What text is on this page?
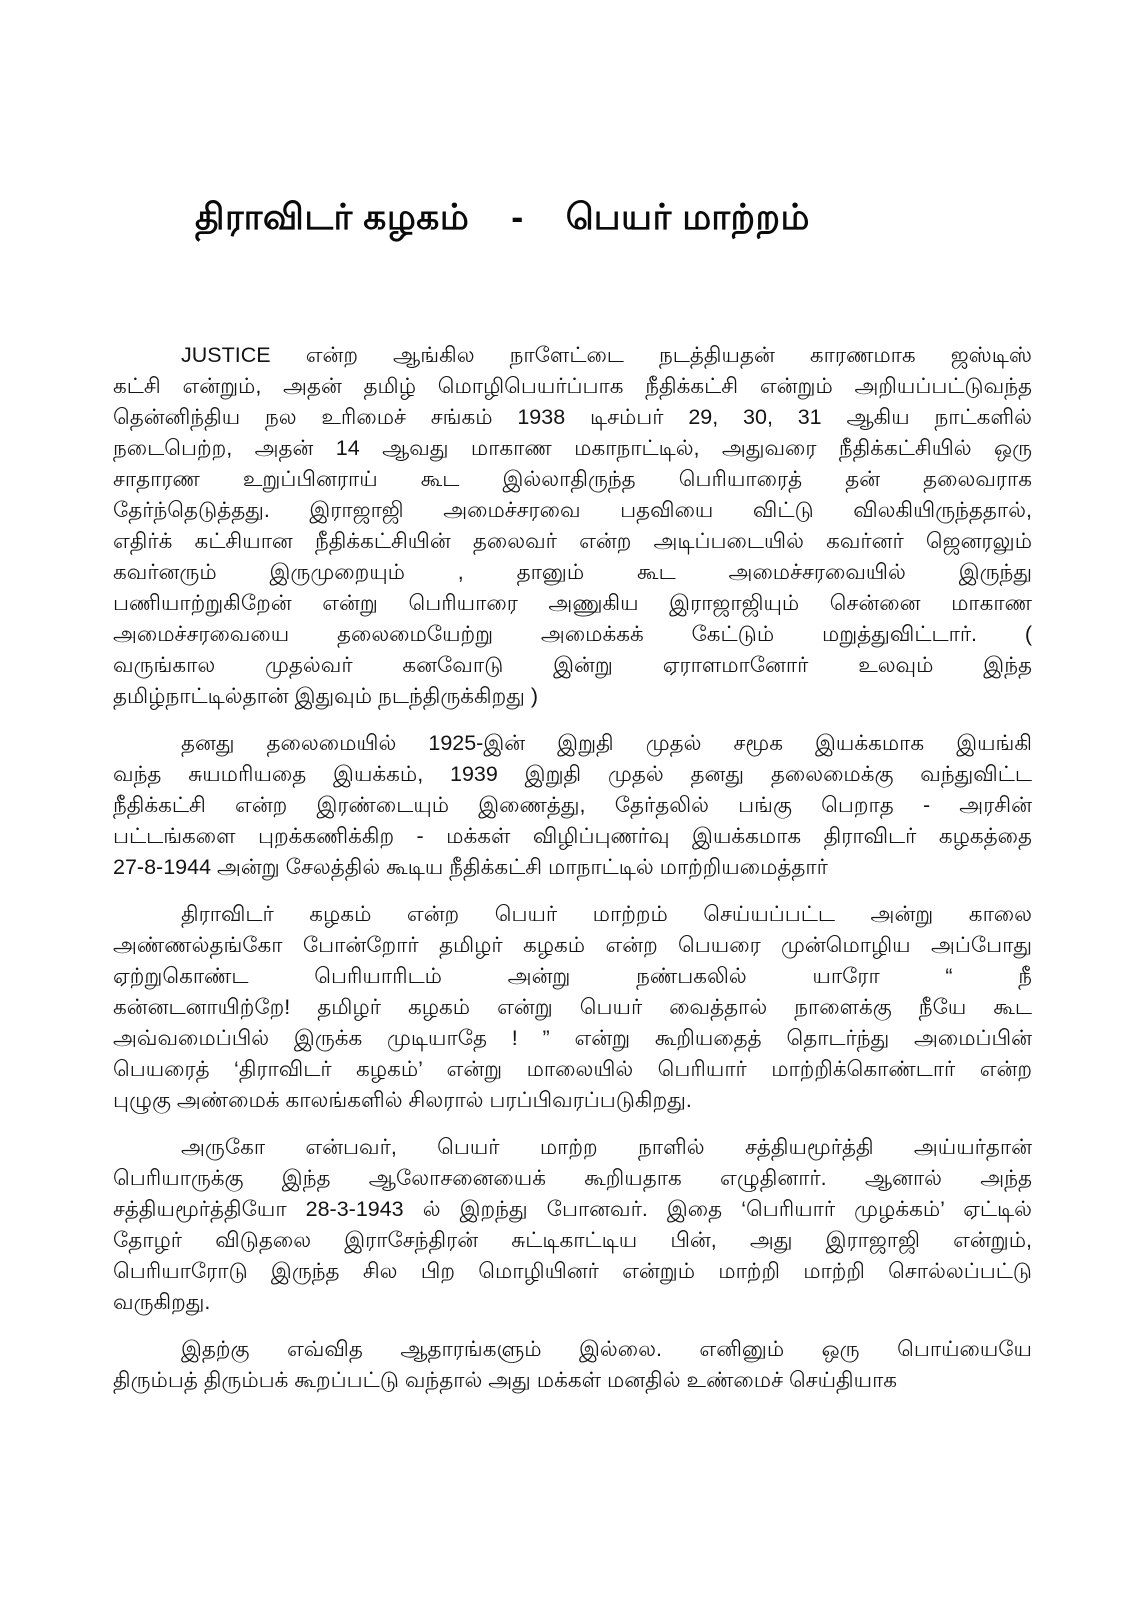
திராவிடர் கழகம்    -    பெயர் மாற்றம்

JUSTICE என்ற ஆங்கில நாளேட்டை நடத்தியதன் காரணமாக ஜஸ்டிஸ்
கட்சி என்றும், அதன் தமிழ் மொழிபெயர்ப்பாக நீதிக்கட்சி என்றும் அறியப்பட்டுவந்த
தென்னிந்திய நல உரிமைச் சங்கம் 1938 டிசம்பர் 29, 30, 31 ஆகிய நாட்களில்
நடைபெற்ற, அதன் 14 ஆவது மாகாண மகாநாட்டில், அதுவரை நீதிக்கட்சியில் ஒரு
சாதாரண உறுப்பினராய் கூட இல்லாதிருந்த பெரியாரைத் தன் தலைவராக
தேர்ந்தெடுத்தது. இராஜாஜி அமைச்சரவை பதவியை விட்டு விலகியிருந்ததால்,
எதிர்க் கட்சியான நீதிக்கட்சியின் தலைவர் என்ற அடிப்படையில் கவர்னர் ஜெனரலும்
கவர்னரும் இருமுறையும் , தானும் கூட அமைச்சரவையில் இருந்து
பணியாற்றுகிறேன் என்று பெரியாரை அணுகிய இராஜாஜியும் சென்னை மாகாண
அமைச்சரவையை தலைமையேற்று அமைக்கக் கேட்டும் மறுத்துவிட்டார். (
வருங்கால முதல்வர் கனவோடு இன்று ஏராளமானோர் உலவும் இந்த
தமிழ்நாட்டில்தான் இதுவும் நடந்திருக்கிறது )

தனது தலைமையில் 1925-இன் இறுதி முதல் சமூக இயக்கமாக இயங்கி
வந்த சுயமரியதை இயக்கம், 1939 இறுதி முதல் தனது தலைமைக்கு வந்துவிட்ட
நீதிக்கட்சி என்ற இரண்டையும் இணைத்து, தேர்தலில் பங்கு பெறாத - அரசின்
பட்டங்களை புறக்கணிக்கிற - மக்கள் விழிப்புணர்வு இயக்கமாக திராவிடர் கழகத்தை
27-8-1944 அன்று சேலத்தில் கூடிய நீதிக்கட்சி மாநாட்டில் மாற்றியமைத்தார்

திராவிடர் கழகம் என்ற பெயர் மாற்றம் செய்யப்பட்ட அன்று காலை
அண்ணல்தங்கோ போன்றோர் தமிழர் கழகம் என்ற பெயரை முன்மொழிய அப்போது
ஏற்றுகொண்ட பெரியாரிடம் அன்று நண்பகலில் யாரோ “ நீ
கன்னடனாயிற்றே! தமிழர் கழகம் என்று பெயர் வைத்தால் நாளைக்கு நீயே கூட
அவ்வமைப்பில் இருக்க முடியாதே ! ” என்று கூறியதைத் தொடர்ந்து அமைப்பின்
பெயரைத் ‘திராவிடர் கழகம்’ என்று மாலையில் பெரியார் மாற்றிக்கொண்டார் என்ற
புழுகு அண்மைக் காலங்களில் சிலரால் பரப்பிவரப்படுகிறது.

அருகோ என்பவர், பெயர் மாற்ற நாளில் சத்தியமூர்த்தி அய்யர்தான்
பெரியாருக்கு இந்த ஆலோசனையைக் கூறியதாக எழுதினார். ஆனால் அந்த
சத்தியமூர்த்தியோ 28-3-1943 ல் இறந்து போனவர். இதை ‘பெரியார் முழக்கம்’ ஏட்டில்
தோழர் விடுதலை இராசேந்திரன் சுட்டிகாட்டிய பின், அது இராஜாஜி என்றும்,
பெரியாரோடு இருந்த சில பிற மொழியினர் என்றும் மாற்றி மாற்றி சொல்லப்பட்டு
வருகிறது.

இதற்கு எவ்வித ஆதாரங்களும் இல்லை. எனினும் ஒரு பொய்யையே
திரும்பத் திரும்பக் கூறப்பட்டு வந்தால் அது மக்கள் மனதில் உண்மைச் செய்தியாக
